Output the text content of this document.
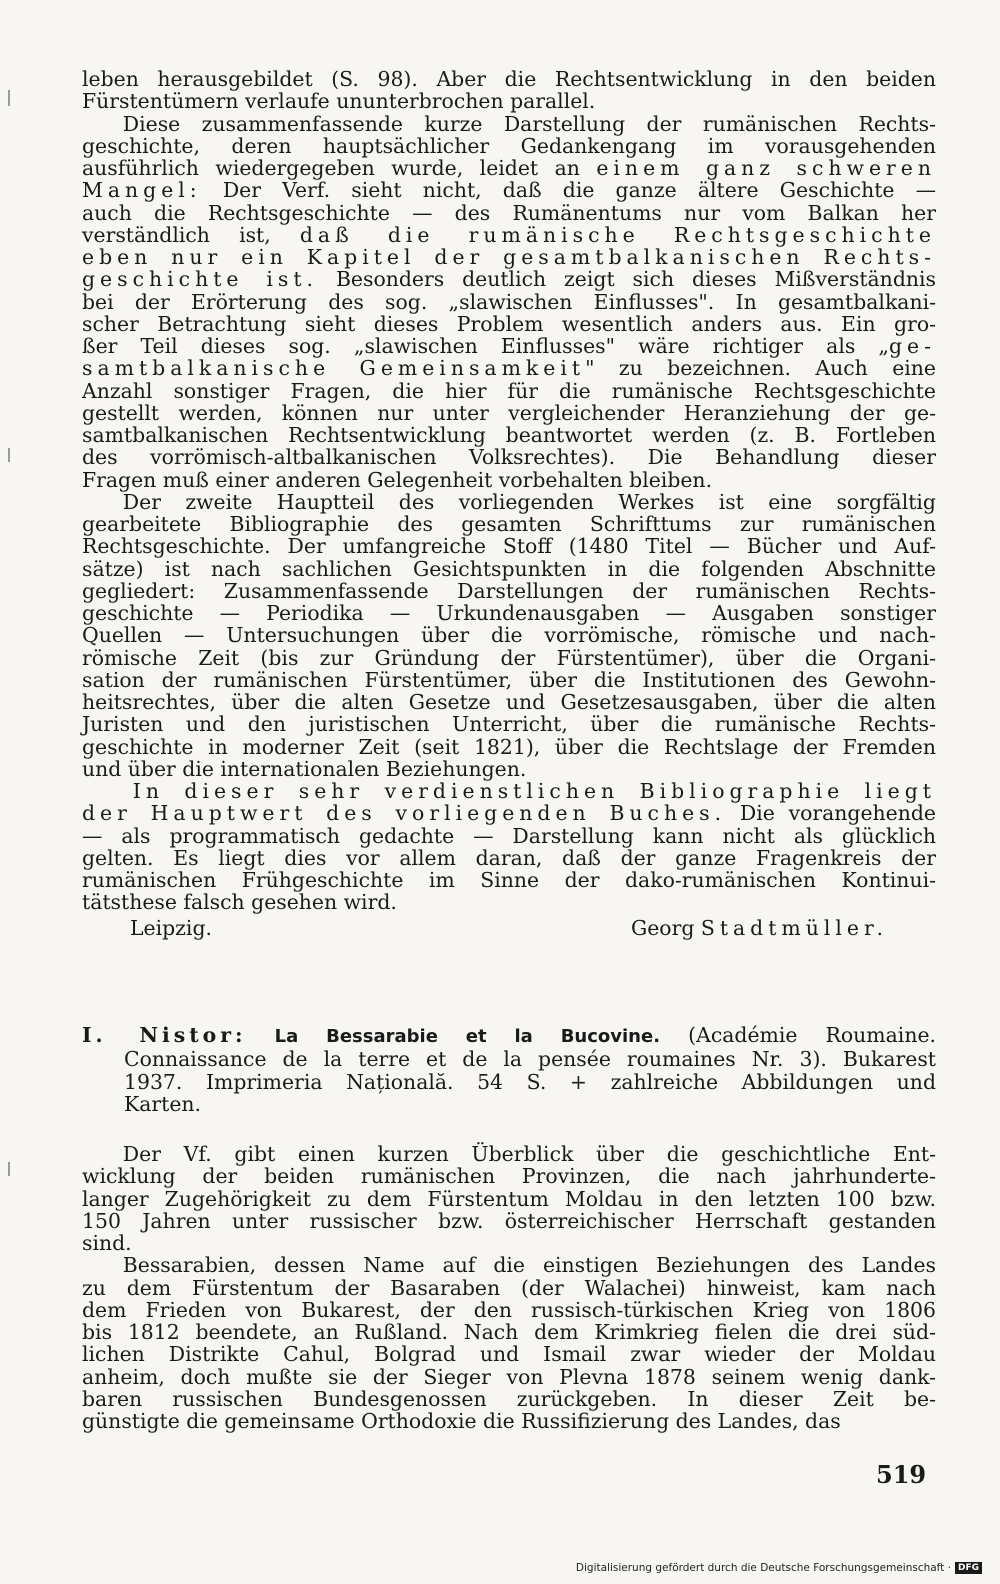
leben herausgebildet (S. 98). Aber die Rechtsentwicklung in den beiden
Fürstentümern verlaufe ununterbrochen parallel.
  Diese zusammenfassende kurze Darstellung der rumänischen Rechts-
geschichte, deren hauptsächlicher Gedankengang im vorausgehenden
ausführlich wiedergegeben wurde, leidet an einem ganz schweren
Mangel: Der Verf. sieht nicht, daß die ganze ältere Geschichte —
auch die Rechtsgeschichte — des Rumänentums nur vom Balkan her
verständlich ist, daß die rumänische Rechtsgeschichte
eben nur ein Kapitel der gesamtbalkanischen Rechts-
geschichte ist. Besonders deutlich zeigt sich dieses Mißverständnis
bei der Erörterung des sog. „slawischen Einflusses". In gesamtbalkani-
scher Betrachtung sieht dieses Problem wesentlich anders aus. Ein gro-
ßer Teil dieses sog. „slawischen Einflusses" wäre richtiger als „ge-
samtbalkanische Gemeinsamkeit" zu bezeichnen. Auch eine
Anzahl sonstiger Fragen, die hier für die rumänische Rechtsgeschichte
gestellt werden, können nur unter vergleichender Heranziehung der ge-
samtbalkanischen Rechtsentwicklung beantwortet werden (z. B. Fortleben
des vorrömisch-altbalkanischen Volksrechtes). Die Behandlung dieser
Fragen muß einer anderen Gelegenheit vorbehalten bleiben.
  Der zweite Hauptteil des vorliegenden Werkes ist eine sorgfältig
gearbeitete Bibliographie des gesamten Schrifttums zur rumänischen
Rechtsgeschichte. Der umfangreiche Stoff (1480 Titel — Bücher und Auf-
sätze) ist nach sachlichen Gesichtspunkten in die folgenden Abschnitte
gegliedert: Zusammenfassende Darstellungen der rumänischen Rechts-
geschichte — Periodika — Urkundenausgaben — Ausgaben sonstiger
Quellen — Untersuchungen über die vorrömische, römische und nach-
römische Zeit (bis zur Gründung der Fürstentümer), über die Organi-
sation der rumänischen Fürstentümer, über die Institutionen des Gewohn-
heitsrechtes, über die alten Gesetze und Gesetzesausgaben, über die alten
Juristen und den juristischen Unterricht, über die rumänische Rechts-
geschichte in moderner Zeit (seit 1821), über die Rechtslage der Fremden
und über die internationalen Beziehungen.
  In dieser sehr verdienstlichen Bibliographie liegt
der Hauptwert des vorliegenden Buches. Die vorangehende
— als programmatisch gedachte — Darstellung kann nicht als glücklich
gelten. Es liegt dies vor allem daran, daß der ganze Fragenkreis der
rumänischen Frühgeschichte im Sinne der dako-rumänischen Kontinui-
tätsthese falsch gesehen wird.
Leipzig.	Georg Stadtmüller.
I. Nistor: La Bessarabie et la Bucovine. (Académie Roumaine.
Connaissance de la terre et de la pensée roumaines Nr. 3). Bukarest
1937. Imprimeria Națională. 54 S. + zahlreiche Abbildungen und
Karten.
  Der Vf. gibt einen kurzen Überblick über die geschichtliche Ent-
wicklung der beiden rumänischen Provinzen, die nach jahrhunderte-
langer Zugehörigkeit zu dem Fürstentum Moldau in den letzten 100 bzw.
150 Jahren unter russischer bzw. österreichischer Herrschaft gestanden
sind.
  Bessarabien, dessen Name auf die einstigen Beziehungen des Landes
zu dem Fürstentum der Basaraben (der Walachei) hinweist, kam nach
dem Frieden von Bukarest, der den russisch-türkischen Krieg von 1806
bis 1812 beendete, an Rußland. Nach dem Krimkrieg fielen die drei süd-
lichen Distrikte Cahul, Bolgrad und Ismail zwar wieder der Moldau
anheim, doch mußte sie der Sieger von Plevna 1878 seinem wenig dank-
baren russischen Bundesgenossen zurückgeben. In dieser Zeit be-
günstigte die gemeinsame Orthodoxie die Russifizierung des Landes, das
519
Digitalisierung gefördert durch die Deutsche Forschungsgemeinschaft · DFG
